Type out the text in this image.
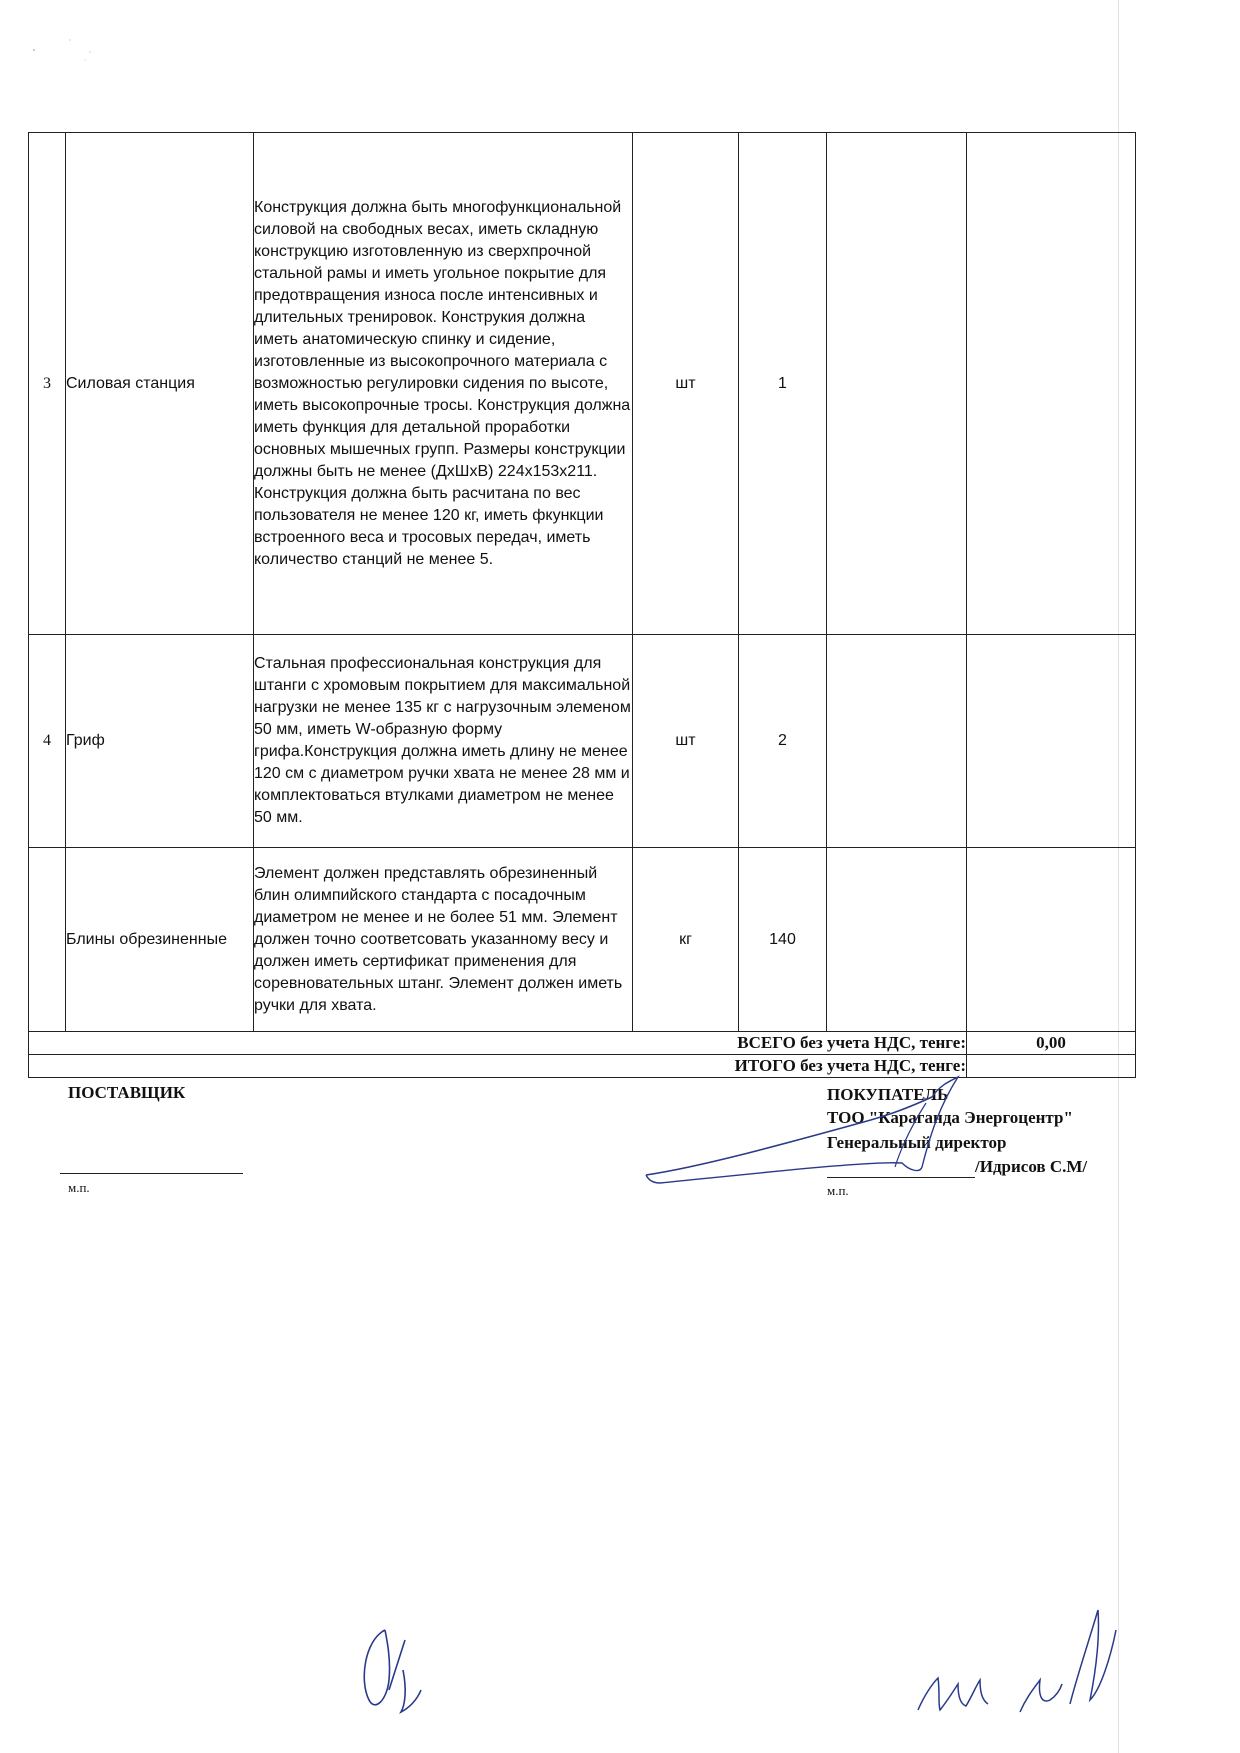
3	Силовая станция	Конструкция должна быть многофункциональной силовой на свободных весах, иметь складную конструкцию изготовленную из сверхпрочной стальной рамы и иметь угольное покрытие для предотвращения износа после интенсивных и длительных тренировок. Конструкия должна иметь анатомическую спинку и сидение, изготовленные из высокопрочного материала с возможностью регулировки сидения по высоте, иметь высокопрочные тросы. Конструкция должна иметь функция для детальной проработки основных мышечных групп. Размеры конструкции должны быть не менее (ДхШхВ) 224x153x211. Конструкция должна быть расчитана по вес пользователя не менее 120 кг, иметь фкункции встроенного веса и тросовых передач, иметь количество станций не менее 5.	шт	1		
4	Гриф	Стальная профессиональная конструкция для штанги с хромовым покрытием для максимальной нагрузки не менее 135 кг с нагрузочным элеменом 50 мм, иметь W-образную форму грифа.Конструкция должна иметь длину не менее 120 см с диаметром ручки хвата не менее 28 мм и комплектоваться втулками диаметром не менее 50 мм.	шт	2		
	Блины обрезиненные	Элемент должен представлять обрезиненный блин олимпийского стандарта с посадочным диаметром не менее и не более 51 мм. Элемент должен точно соответсовать указанному весу и должен иметь сертификат применения для соревновательных штанг. Элемент должен иметь ручки для хвата.	кг	140		
ВСЕГО без учета НДС, тенге:						0,00
ИТОГО без учета НДС, тенге:						
ПОСТАВЩИК
м.п.
ПОКУПАТЕЛЬ
ТОО "Караганда Энергоцентр"
Генеральный директор
/Идрисов С.М/
м.п.
